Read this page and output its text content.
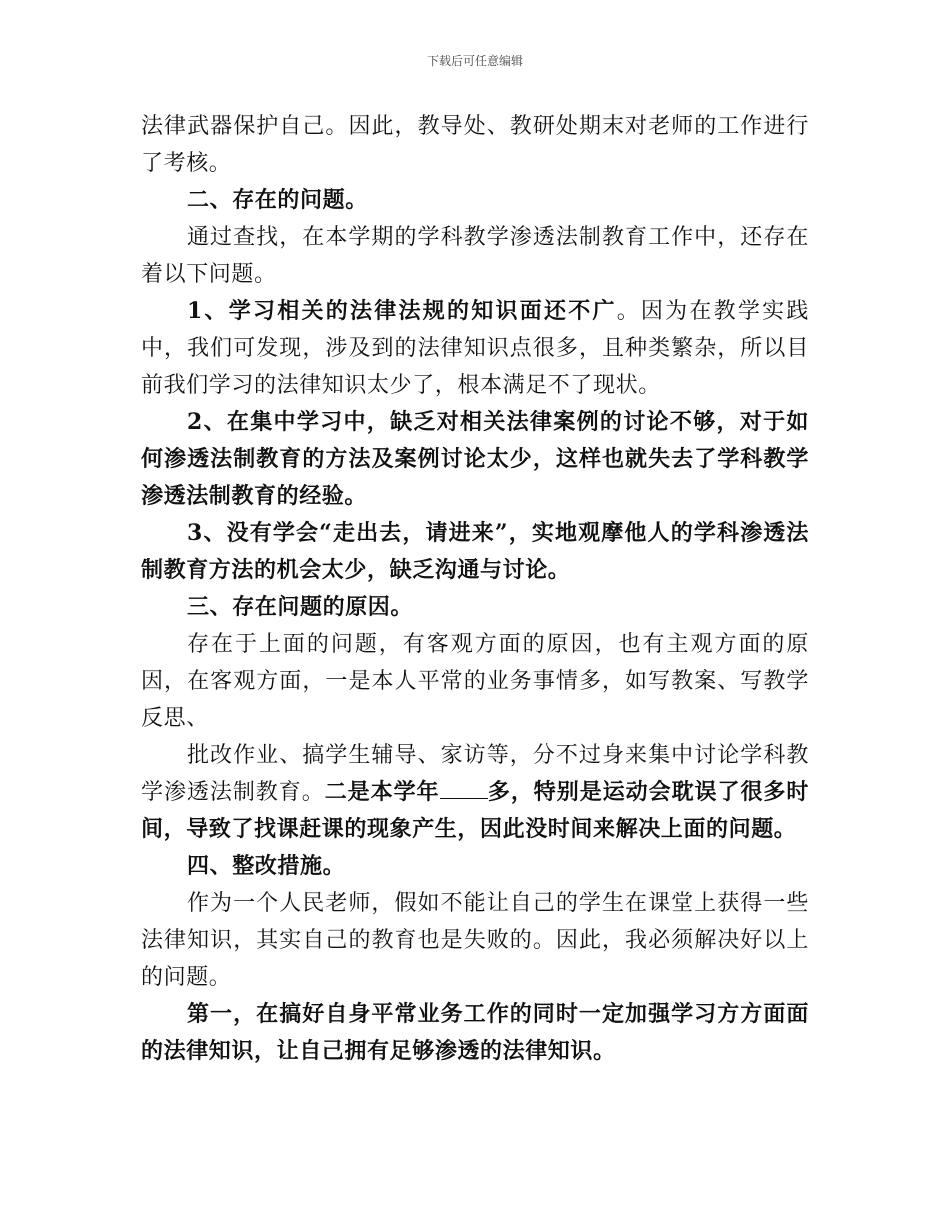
下载后可任意编辑

法律武器保护自己。因此，教导处、教研处期末对老师的工作进行了考核。

二、存在的问题。

通过查找，在本学期的学科教学渗透法制教育工作中，还存在着以下问题。

1、学习相关的法律法规的知识面还不广。因为在教学实践中，我们可发现，涉及到的法律知识点很多，且种类繁杂，所以目前我们学习的法律知识太少了，根本满足不了现状。

2、在集中学习中，缺乏对相关法律案例的讨论不够，对于如何渗透法制教育的方法及案例讨论太少，这样也就失去了学科教学渗透法制教育的经验。

3、没有学会“走出去，请进来”，实地观摩他人的学科渗透法制教育方法的机会太少，缺乏沟通与讨论。

三、存在问题的原因。

存在于上面的问题，有客观方面的原因，也有主观方面的原因，在客观方面，一是本人平常的业务事情多，如写教案、写教学反思、

批改作业、搞学生辅导、家访等，分不过身来集中讨论学科教学渗透法制教育。二是本学年 多，特别是运动会耽误了很多时间，导致了找课赶课的现象产生，因此没时间来解决上面的问题。

四、整改措施。

作为一个人民老师，假如不能让自己的学生在课堂上获得一些法律知识，其实自己的教育也是失败的。因此，我必须解决好以上的问题。

第一，在搞好自身平常业务工作的同时一定加强学习方方面面的法律知识，让自己拥有足够渗透的法律知识。
